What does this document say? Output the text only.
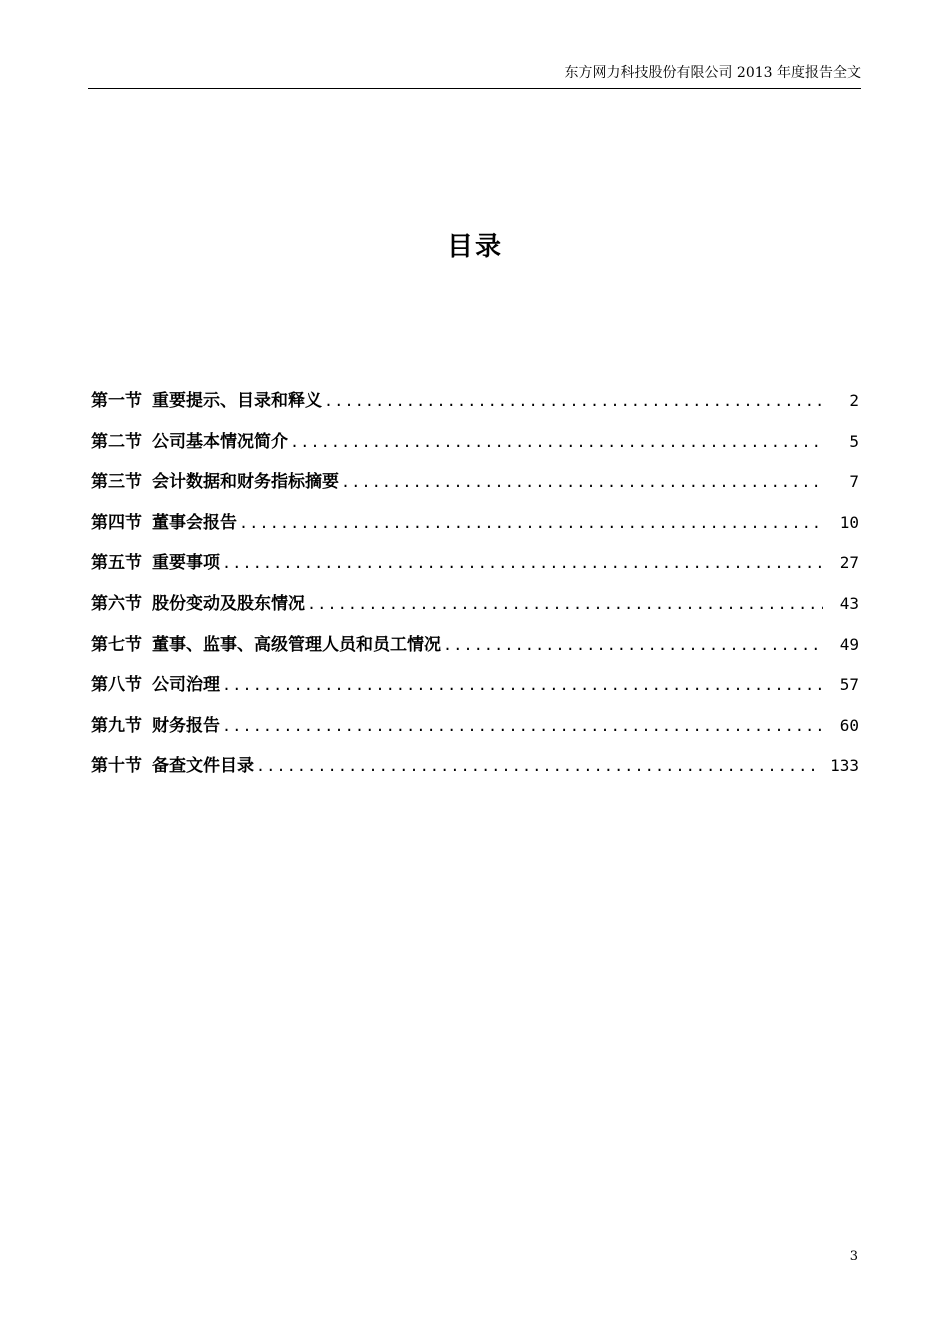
东方网力科技股份有限公司 2013 年度报告全文
目录
第一节 重要提示、目录和释义 .....	2
第二节 公司基本情况简介 .....	5
第三节 会计数据和财务指标摘要 .....	7
第四节 董事会报告 .....	10
第五节 重要事项 .....	27
第六节 股份变动及股东情况 .....	43
第七节 董事、监事、高级管理人员和员工情况 .....	49
第八节 公司治理 .....	57
第九节 财务报告 .....	60
第十节 备查文件目录 .....	133
3
